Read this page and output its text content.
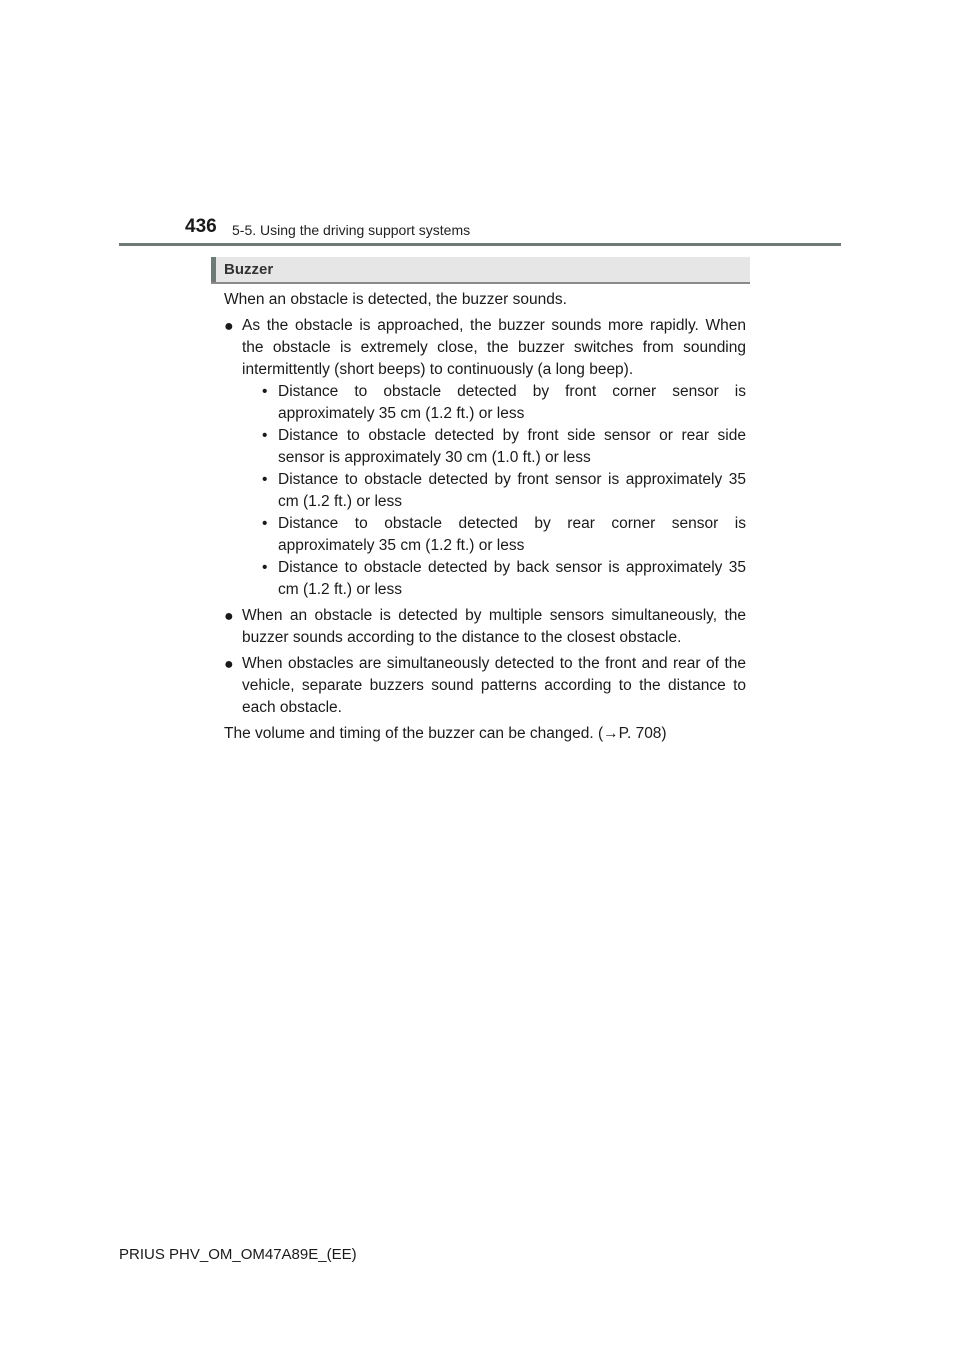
436 5-5. Using the driving support systems
Buzzer

When an obstacle is detected, the buzzer sounds.

● As the obstacle is approached, the buzzer sounds more rapidly. When the obstacle is extremely close, the buzzer switches from sounding intermittently (short beeps) to continuously (a long beep).
• Distance to obstacle detected by front corner sensor is approximately 35 cm (1.2 ft.) or less
• Distance to obstacle detected by front side sensor or rear side sensor is approximately 30 cm (1.0 ft.) or less
• Distance to obstacle detected by front sensor is approximately 35 cm (1.2 ft.) or less
• Distance to obstacle detected by rear corner sensor is approximately 35 cm (1.2 ft.) or less
• Distance to obstacle detected by back sensor is approximately 35 cm (1.2 ft.) or less
● When an obstacle is detected by multiple sensors simultaneously, the buzzer sounds according to the distance to the closest obstacle.
● When obstacles are simultaneously detected to the front and rear of the vehicle, separate buzzers sound patterns according to the distance to each obstacle.

The volume and timing of the buzzer can be changed. (→P. 708)

PRIUS PHV_OM_OM47A89E_(EE)
